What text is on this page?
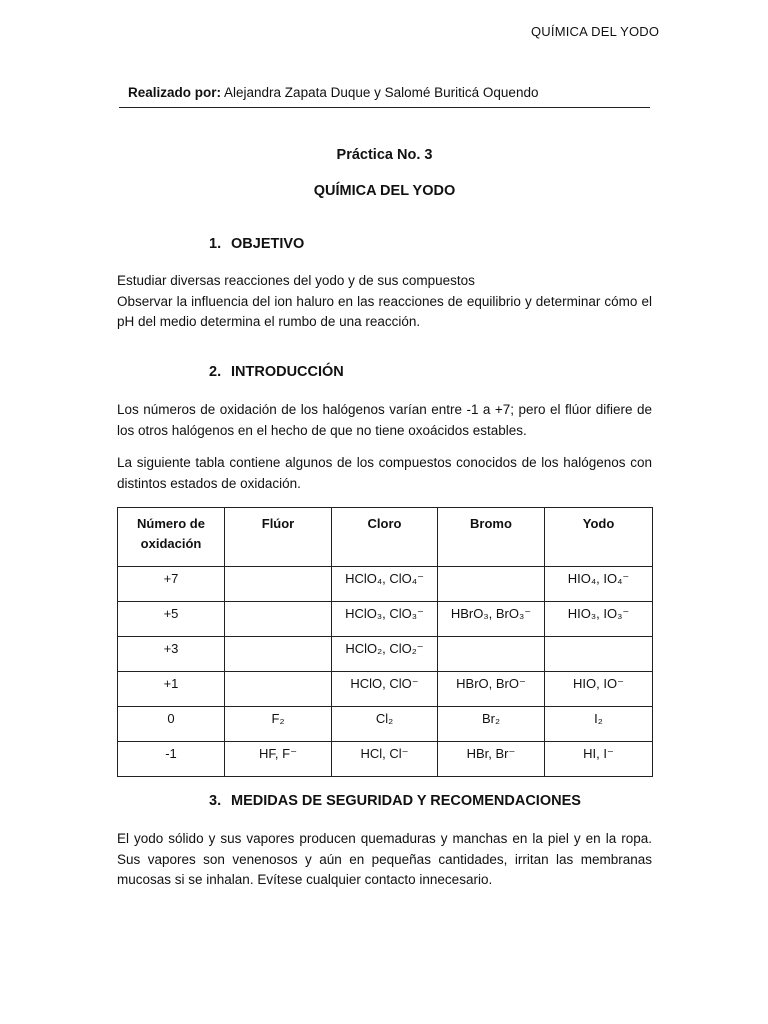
QUÍMICA DEL YODO
Realizado por: Alejandra Zapata Duque y Salomé Buriticá Oquendo
Práctica No. 3
QUÍMICA DEL YODO
1. OBJETIVO

Estudiar diversas reacciones del yodo y de sus compuestos

Observar la influencia del ion haluro en las reacciones de equilibrio y determinar cómo el pH del medio determina el rumbo de una reacción.

2. INTRODUCCIÓN

Los números de oxidación de los halógenos varían entre -1 a +7; pero el flúor difiere de los otros halógenos en el hecho de que no tiene oxoácidos estables.

La siguiente tabla contiene algunos de los compuestos conocidos de los halógenos con distintos estados de oxidación.

Número de oxidación	Flúor	Cloro	Bromo	Yodo
+7		HClO₄, ClO₄⁻		HIO₄, IO₄⁻
+5		HClO₃, ClO₃⁻	HBrO₃, BrO₃⁻	HIO₃, IO₃⁻
+3		HClO₂, ClO₂⁻		
+1		HClO, ClO⁻	HBrO, BrO⁻	HIO, IO⁻
0	F₂	Cl₂	Br₂	I₂
-1	HF, F⁻	HCl, Cl⁻	HBr, Br⁻	HI, I⁻
3. MEDIDAS DE SEGURIDAD Y RECOMENDACIONES

El yodo sólido y sus vapores producen quemaduras y manchas en la piel y en la ropa. Sus vapores son venenosos y aún en pequeñas cantidades, irritan las membranas mucosas si se inhalan. Evítese cualquier contacto innecesario.
